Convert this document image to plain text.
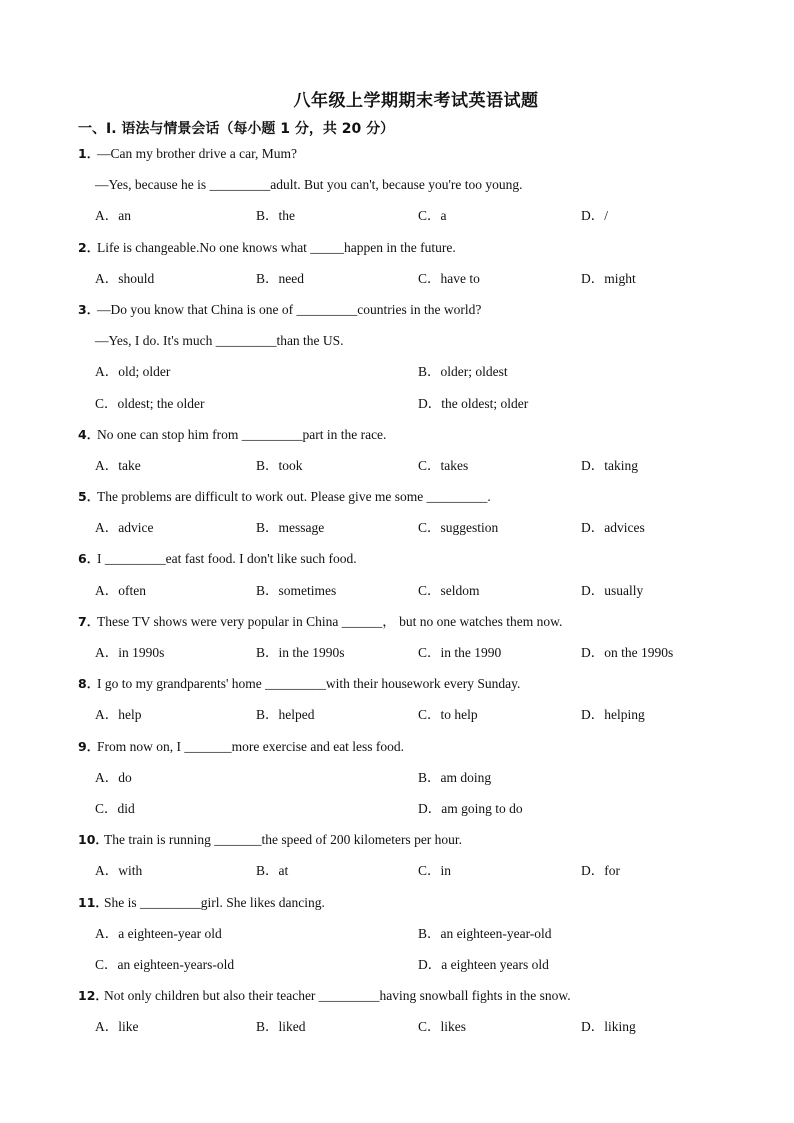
八年级上学期期末考试英语试题
一、I. 语法与情景会话（每小题 1 分，共 20 分）
1．
—Can my brother drive a car, Mum?
—Yes, because he is _________adult. But you can't, because you're too young.
A．an	B．the	C．a	D．/
2．
Life is changeable.No one knows what _____happen in the future.
A．should	B．need	C．have to	D．might
3．
—Do you know that China is one of _________countries in the world?
—Yes, I do. It's much _________than the US.
A．old; older	B．older; oldest
C．oldest; the older	D．the oldest; older
4．
No one can stop him from _________part in the race.
A．take	B．took	C．takes	D．taking
5．
The problems are difficult to work out. Please give me some _________.
A．advice	B．message	C．suggestion	D．advices
6．
I _________eat fast food. I don't like such food.
A．often	B．sometimes	C．seldom	D．usually
7．
These TV shows were very popular in China ______， but no one watches them now.
A．in 1990s	B．in the 1990s	C．in the 1990	D．on the 1990s
8．
I go to my grandparents' home _________with their housework every Sunday.
A．help	B．helped	C．to help	D．helping
9．
From now on, I _______more exercise and eat less food.
A．do	B．am doing
C．did	D．am going to do
10．
The train is running _______the speed of 200 kilometers per hour.
A．with	B．at	C．in	D．for
11．
She is _________girl. She likes dancing.
A．a eighteen-year old	B．an eighteen-year-old
C．an eighteen-years-old	D．a eighteen years old
12．
Not only children but also their teacher _________having snowball fights in the snow.
A．like	B．liked	C．likes	D．liking
